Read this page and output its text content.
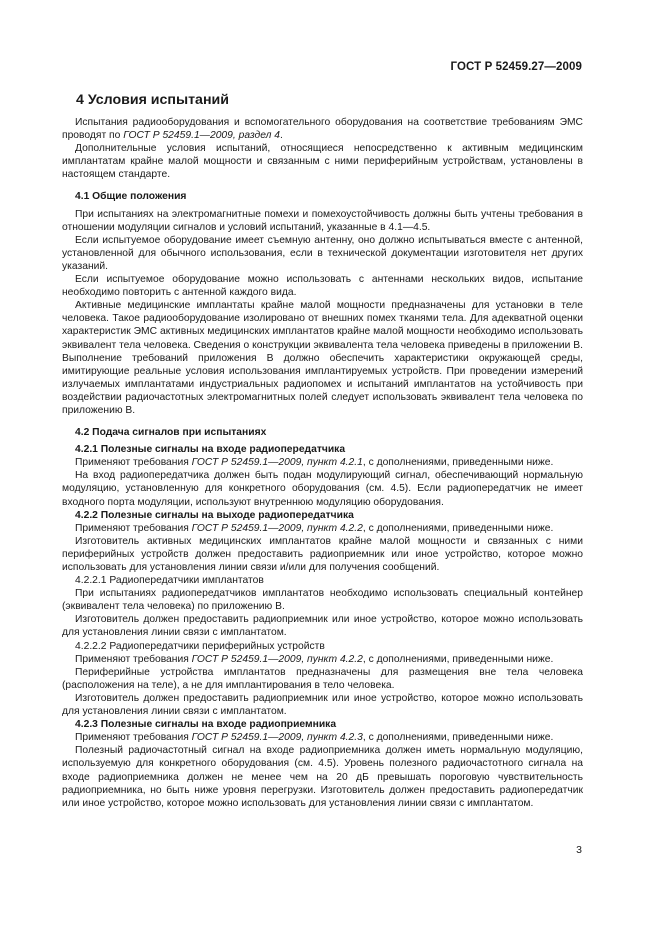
ГОСТ Р 52459.27—2009
4 Условия испытаний

Испытания радиооборудования и вспомогательного оборудования на соответствие требованиям ЭМС проводят по ГОСТ Р 52459.1—2009, раздел 4.

Дополнительные условия испытаний, относящиеся непосредственно к активным медицинским имплантатам крайне малой мощности и связанным с ними периферийным устройствам, установлены в настоящем стандарте.

4.1 Общие положения

При испытаниях на электромагнитные помехи и помехоустойчивость должны быть учтены требования в отношении модуляции сигналов и условий испытаний, указанные в 4.1—4.5.

Если испытуемое оборудование имеет съемную антенну, оно должно испытываться вместе с антенной, установленной для обычного использования, если в технической документации изготовителя нет других указаний.

Если испытуемое оборудование можно использовать с антеннами нескольких видов, испытание необходимо повторить с антенной каждого вида.

Активные медицинские имплантаты крайне малой мощности предназначены для установки в теле человека. Такое радиооборудование изолировано от внешних помех тканями тела. Для адекватной оценки характеристик ЭМС активных медицинских имплантатов крайне малой мощности необходимо использовать эквивалент тела человека. Сведения о конструкции эквивалента тела человека приведены в приложении В. Выполнение требований приложения В должно обеспечить характеристики окружающей среды, имитирующие реальные условия использования имплантируемых устройств. При проведении измерений излучаемых имплантатами индустриальных радиопомех и испытаний имплантатов на устойчивость при воздействии радиочастотных электромагнитных полей следует использовать эквивалент тела человека по приложению В.

4.2 Подача сигналов при испытаниях
4.2.1 Полезные сигналы на входе радиопередатчика

Применяют требования ГОСТ Р 52459.1—2009, пункт 4.2.1, с дополнениями, приведенными ниже.

На вход радиопередатчика должен быть подан модулирующий сигнал, обеспечивающий нормальную модуляцию, установленную для конкретного оборудования (см. 4.5). Если радиопередатчик не имеет входного порта модуляции, используют внутреннюю модуляцию оборудования.

4.2.2 Полезные сигналы на выходе радиопередатчика

Применяют требования ГОСТ Р 52459.1—2009, пункт 4.2.2, с дополнениями, приведенными ниже.

Изготовитель активных медицинских имплантатов крайне малой мощности и связанных с ними периферийных устройств должен предоставить радиоприемник или иное устройство, которое можно использовать для установления линии связи и/или для получения сообщений.

4.2.2.1 Радиопередатчики имплантатов

При испытаниях радиопередатчиков имплантатов необходимо использовать специальный контейнер (эквивалент тела человека) по приложению В.

Изготовитель должен предоставить радиоприемник или иное устройство, которое можно использовать для установления линии связи с имплантатом.

4.2.2.2 Радиопередатчики периферийных устройств

Применяют требования ГОСТ Р 52459.1—2009, пункт 4.2.2, с дополнениями, приведенными ниже.

Периферийные устройства имплантатов предназначены для размещения вне тела человека (расположения на теле), а не для имплантирования в тело человека.

Изготовитель должен предоставить радиоприемник или иное устройство, которое можно использовать для установления линии связи с имплантатом.

4.2.3 Полезные сигналы на входе радиоприемника

Применяют требования ГОСТ Р 52459.1—2009, пункт 4.2.3, с дополнениями, приведенными ниже.

Полезный радиочастотный сигнал на входе радиоприемника должен иметь нормальную модуляцию, используемую для конкретного оборудования (см. 4.5). Уровень полезного радиочастотного сигнала на входе радиоприемника должен не менее чем на 20 дБ превышать пороговую чувствительность радиоприемника, но быть ниже уровня перегрузки. Изготовитель должен предоставить радиопередатчик или иное устройство, которое можно использовать для установления линии связи с имплантатом.

3
